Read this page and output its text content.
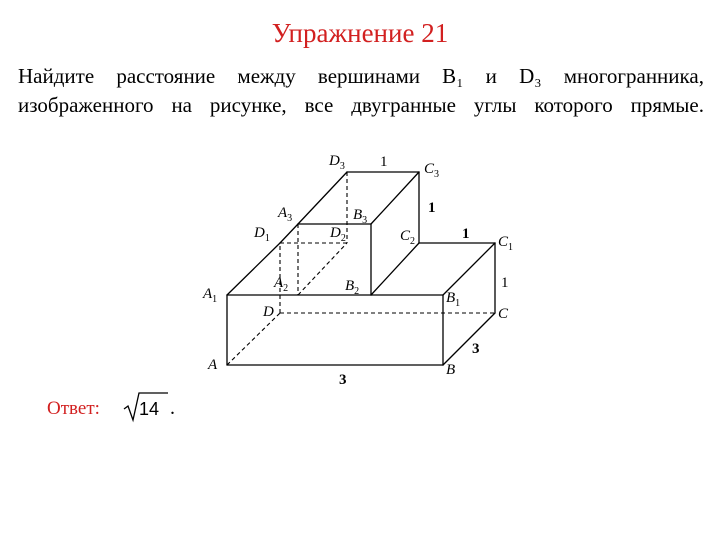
Упражнение 21
Найдите расстояние между вершинами B₁ и D₃ многогранника,
изображенного на рисунке, все двугранные углы которого прямые.
A	B
C
D
$A_1$	$B_1$
$C_1$
$D_1$
$A_2$	$B_2$
$C_2$
$D_2$
$A_3$	$B_3$
$C_3$
$D_3$
3
3
1
1
1
1
Ответ: 14 .
